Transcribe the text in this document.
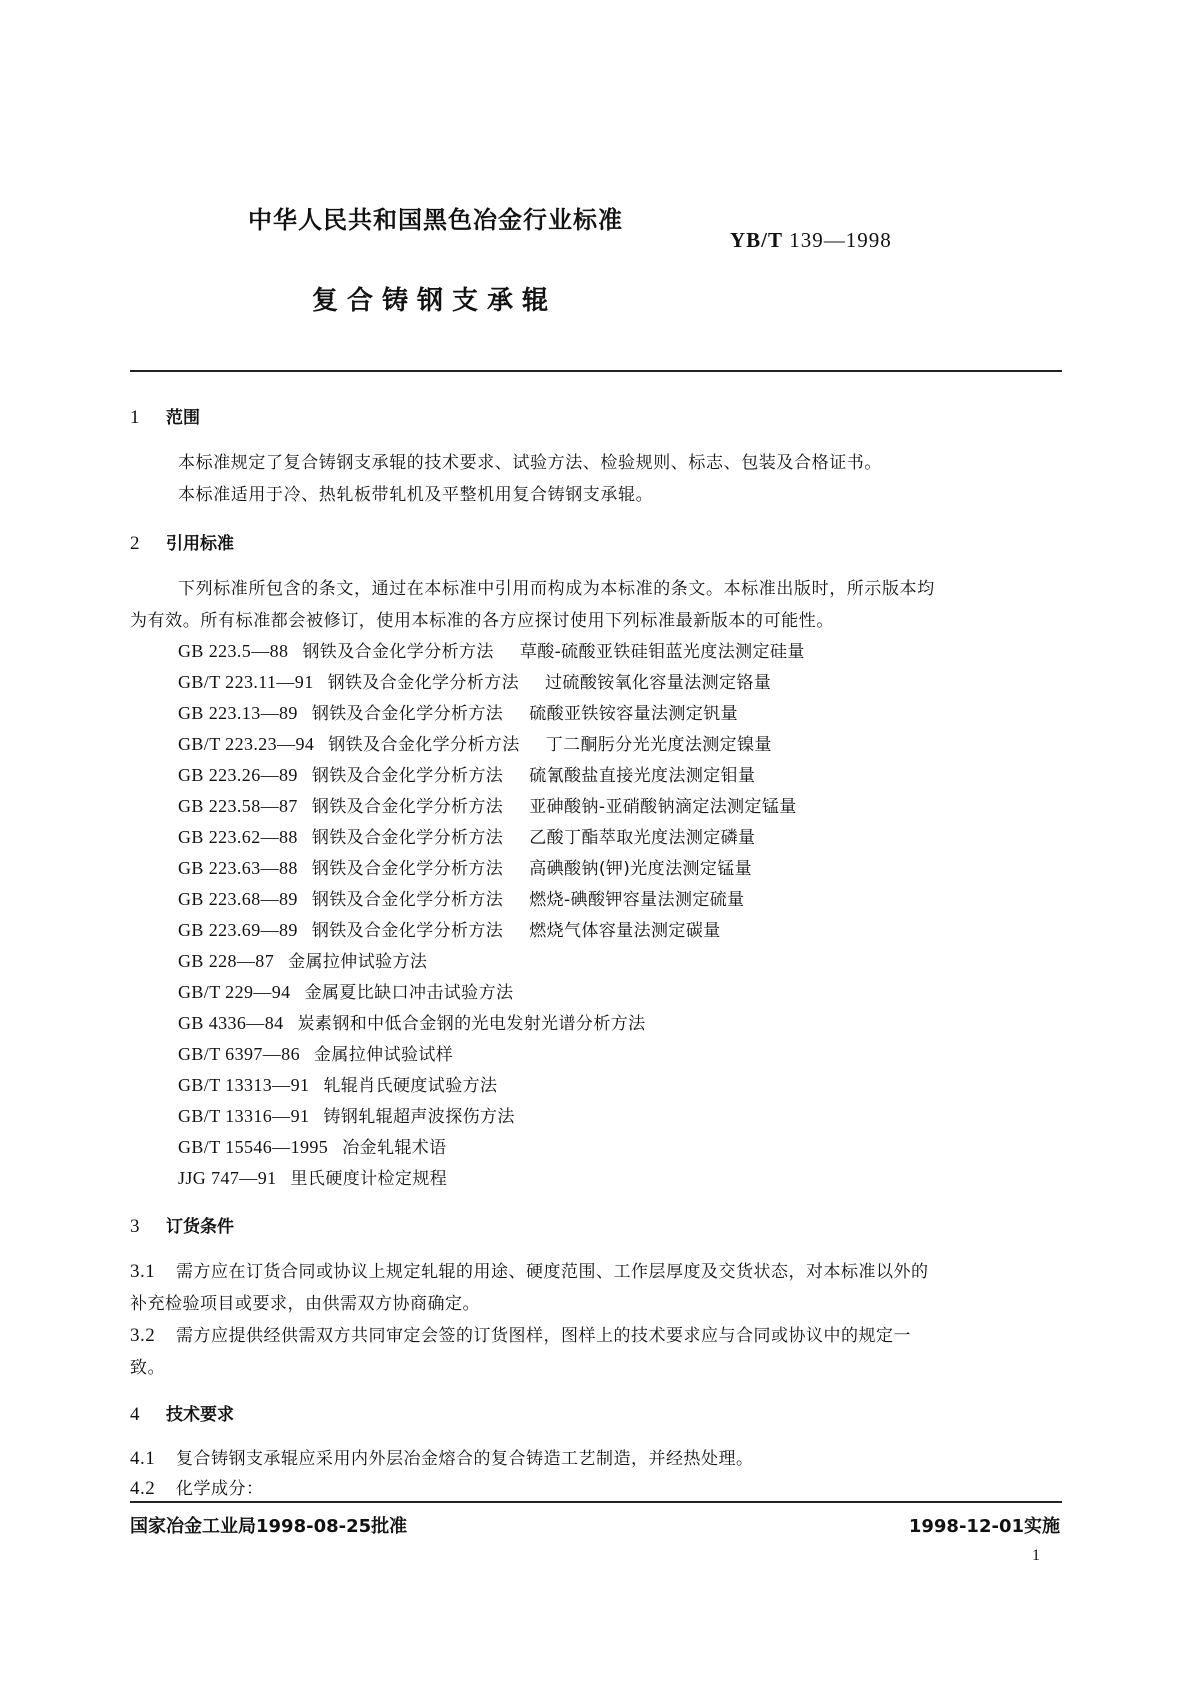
中华人民共和国黑色冶金行业标准
YB/T 139—1998
复合铸钢支承辊
1 范围
本标准规定了复合铸钢支承辊的技术要求、试验方法、检验规则、标志、包装及合格证书。
本标准适用于冷、热轧板带轧机及平整机用复合铸钢支承辊。
2 引用标准
下列标准所包含的条文，通过在本标准中引用而构成为本标准的条文。本标准出版时，所示版本均
为有效。所有标准都会被修订，使用本标准的各方应探讨使用下列标准最新版本的可能性。
GB 223.5—88 钢铁及合金化学分析方法 草酸-硫酸亚铁硅钼蓝光度法测定硅量
GB/T 223.11—91 钢铁及合金化学分析方法 过硫酸铵氧化容量法测定铬量
GB 223.13—89 钢铁及合金化学分析方法 硫酸亚铁铵容量法测定钒量
GB/T 223.23—94 钢铁及合金化学分析方法 丁二酮肟分光光度法测定镍量
GB 223.26—89 钢铁及合金化学分析方法 硫氰酸盐直接光度法测定钼量
GB 223.58—87 钢铁及合金化学分析方法 亚砷酸钠-亚硝酸钠滴定法测定锰量
GB 223.62—88 钢铁及合金化学分析方法 乙酸丁酯萃取光度法测定磷量
GB 223.63—88 钢铁及合金化学分析方法 高碘酸钠(钾)光度法测定锰量
GB 223.68—89 钢铁及合金化学分析方法 燃烧-碘酸钾容量法测定硫量
GB 223.69—89 钢铁及合金化学分析方法 燃烧气体容量法测定碳量
GB 228—87 金属拉伸试验方法
GB/T 229—94 金属夏比缺口冲击试验方法
GB 4336—84 炭素钢和中低合金钢的光电发射光谱分析方法
GB/T 6397—86 金属拉伸试验试样
GB/T 13313—91 轧辊肖氏硬度试验方法
GB/T 13316—91 铸钢轧辊超声波探伤方法
GB/T 15546—1995 冶金轧辊术语
JJG 747—91 里氏硬度计检定规程
3 订货条件
3.1 需方应在订货合同或协议上规定轧辊的用途、硬度范围、工作层厚度及交货状态，对本标准以外的
补充检验项目或要求，由供需双方协商确定。
3.2 需方应提供经供需双方共同审定会签的订货图样，图样上的技术要求应与合同或协议中的规定一
致。
4 技术要求
4.1 复合铸钢支承辊应采用内外层冶金熔合的复合铸造工艺制造，并经热处理。
4.2 化学成分：
国家冶金工业局1998-08-25批准	1998-12-01实施
1
